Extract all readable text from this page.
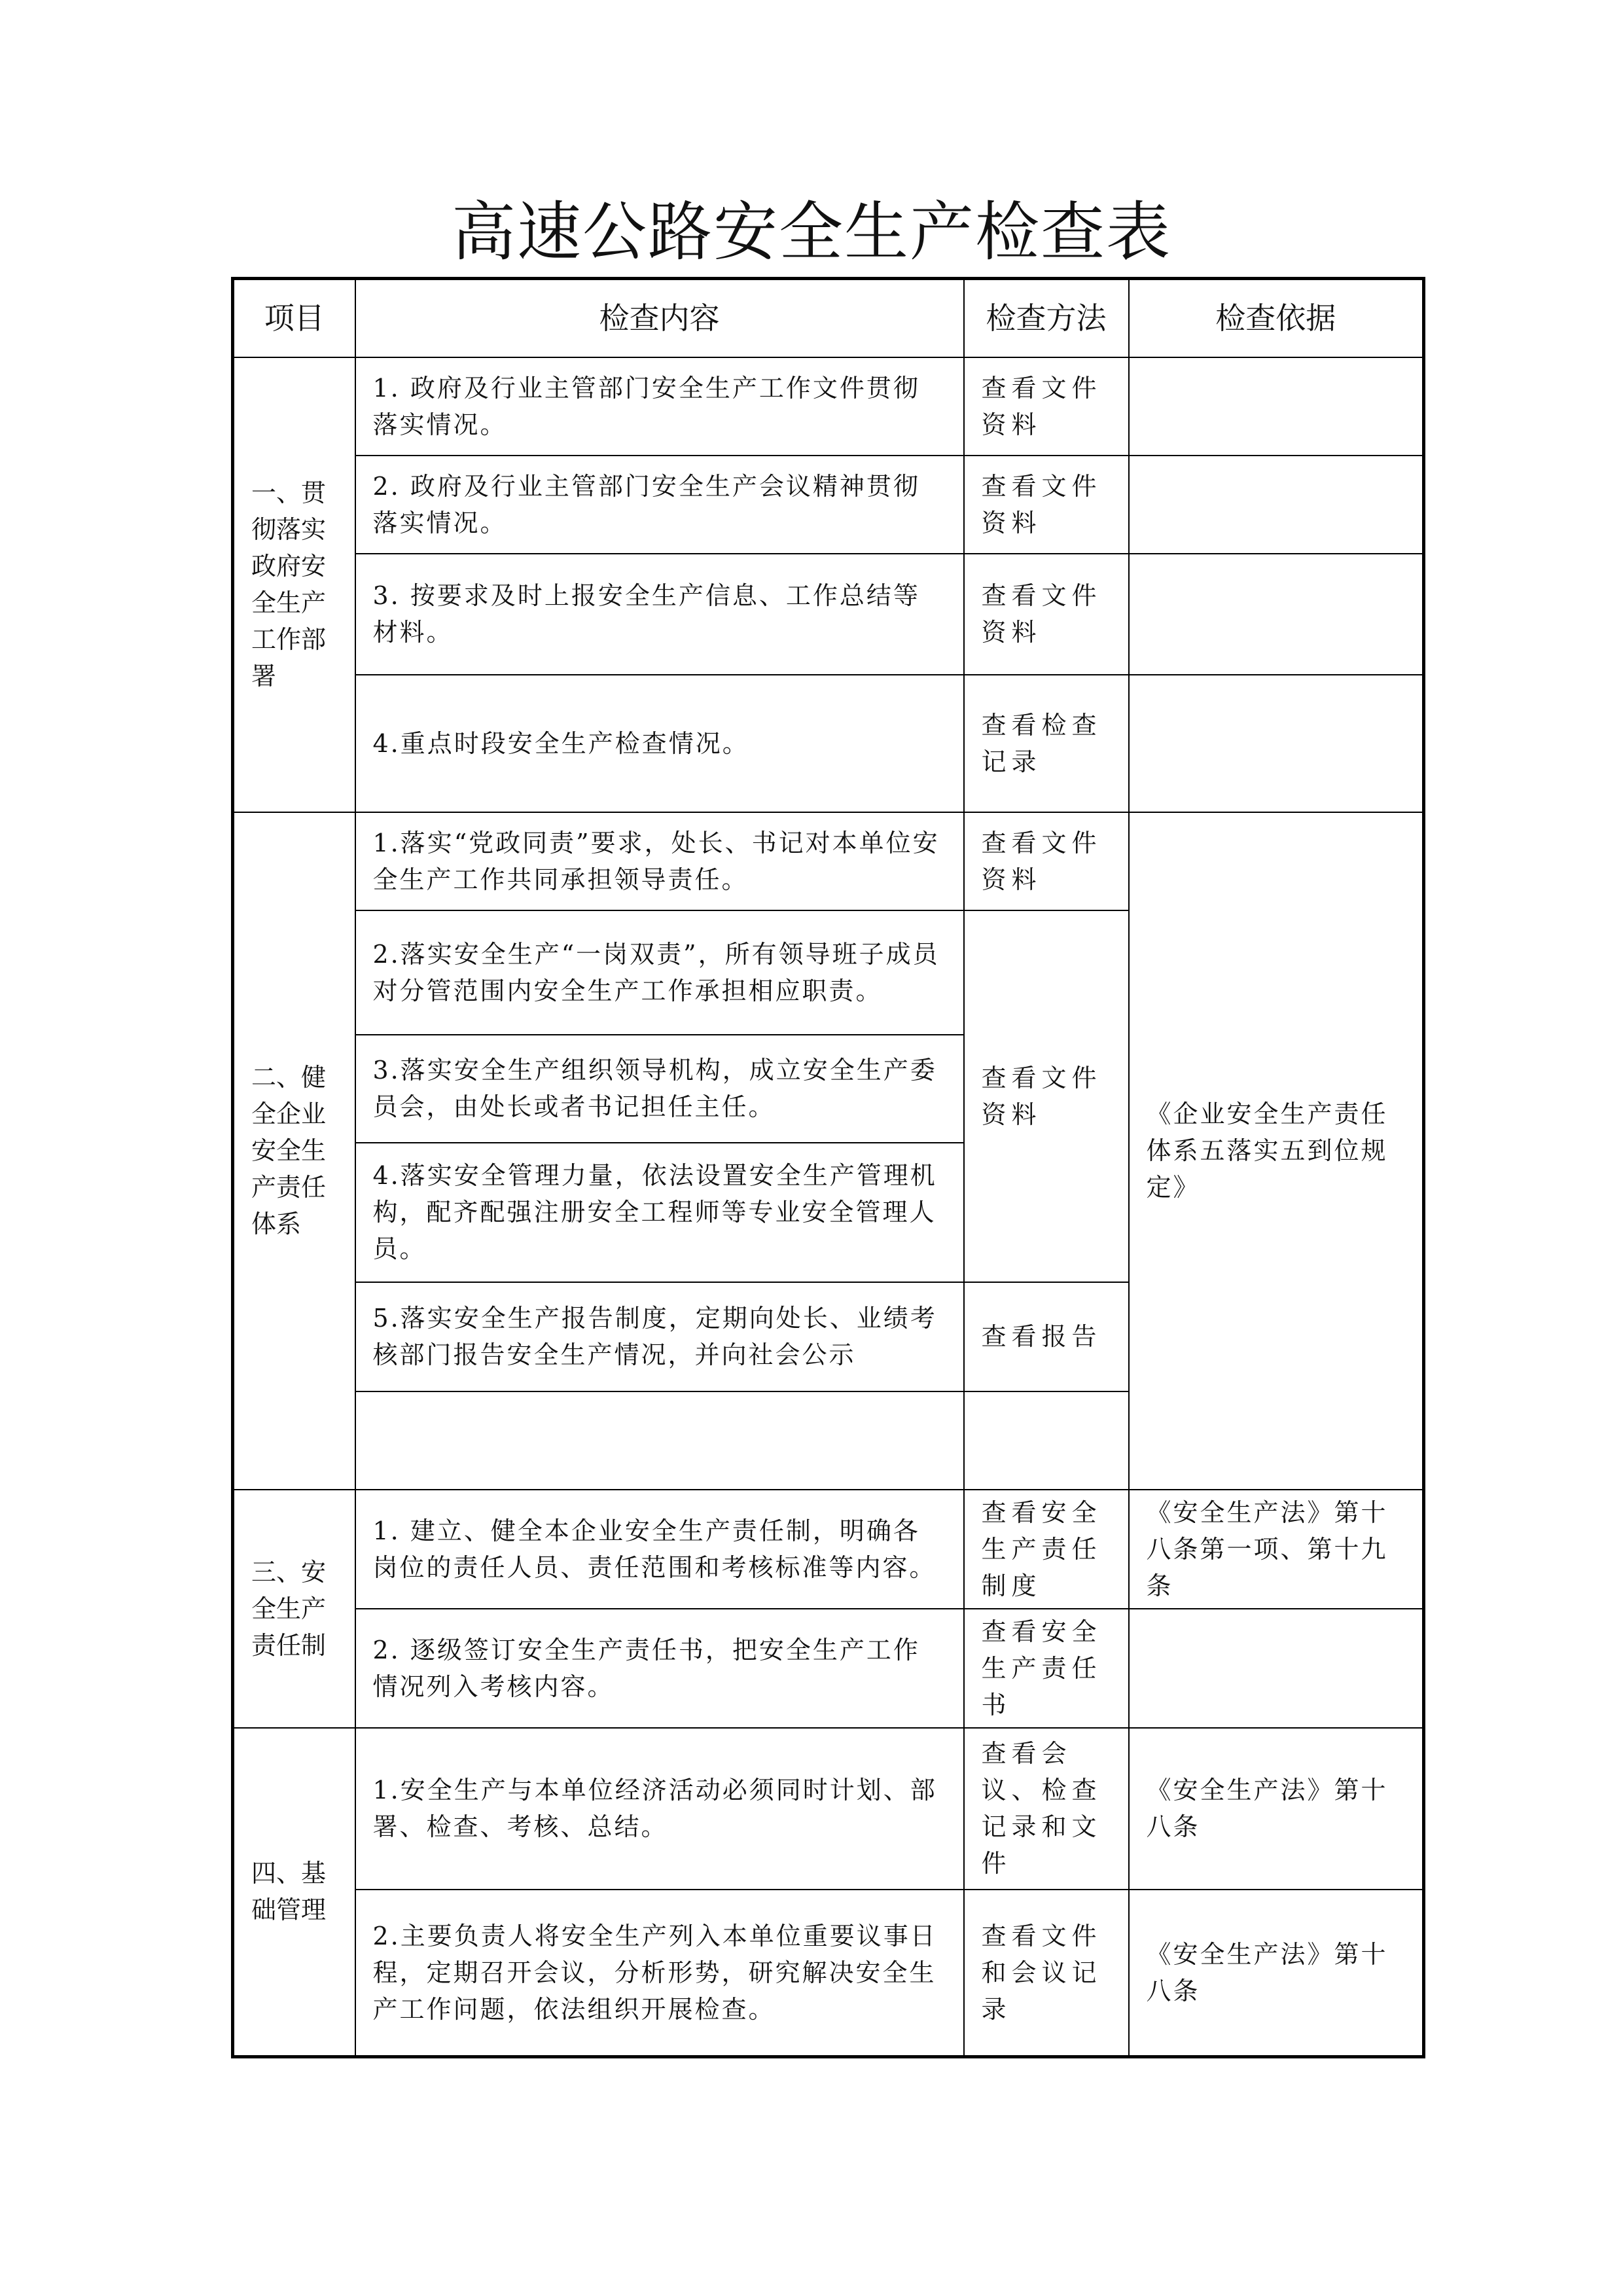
高速公路安全生产检查表
项目	检查内容	检查方法	检查依据
一、贯彻落实政府安全生产工作部署	1. 政府及行业主管部门安全生产工作文件贯彻落实情况。	查看文件资料	
	2. 政府及行业主管部门安全生产会议精神贯彻落实情况。	查看文件资料	
	3. 按要求及时上报安全生产信息、工作总结等材料。	查看文件资料	
	4.重点时段安全生产检查情况。	查看检查记录	
二、健全企业安全生产责任体系	1.落实“党政同责”要求，处长、书记对本单位安全生产工作共同承担领导责任。	查看文件资料	《企业安全生产责任体系五落实五到位规定》
	2.落实安全生产“一岗双责”，所有领导班子成员对分管范围内安全生产工作承担相应职责。	查看文件资料	
	3.落实安全生产组织领导机构，成立安全生产委员会，由处长或者书记担任主任。		
	4.落实安全管理力量，依法设置安全生产管理机构，配齐配强注册安全工程师等专业安全管理人员。		
	5.落实安全生产报告制度，定期向处长、业绩考核部门报告安全生产情况，并向社会公示	查看报告	

三、安全生产责任制	1. 建立、健全本企业安全生产责任制，明确各岗位的责任人员、责任范围和考核标准等内容。	查看安全生产责任制度	《安全生产法》第十八条第一项、第十九条
	2. 逐级签订安全生产责任书，把安全生产工作情况列入考核内容。	查看安全生产责任书	
四、基础管理	1.安全生产与本单位经济活动必须同时计划、部署、检查、考核、总结。	查看会议、检查记录和文件	《安全生产法》第十八条
	2.主要负责人将安全生产列入本单位重要议事日程，定期召开会议，分析形势，研究解决安全生产工作问题，依法组织开展检查。	查看文件和会议记录	《安全生产法》第十八条
